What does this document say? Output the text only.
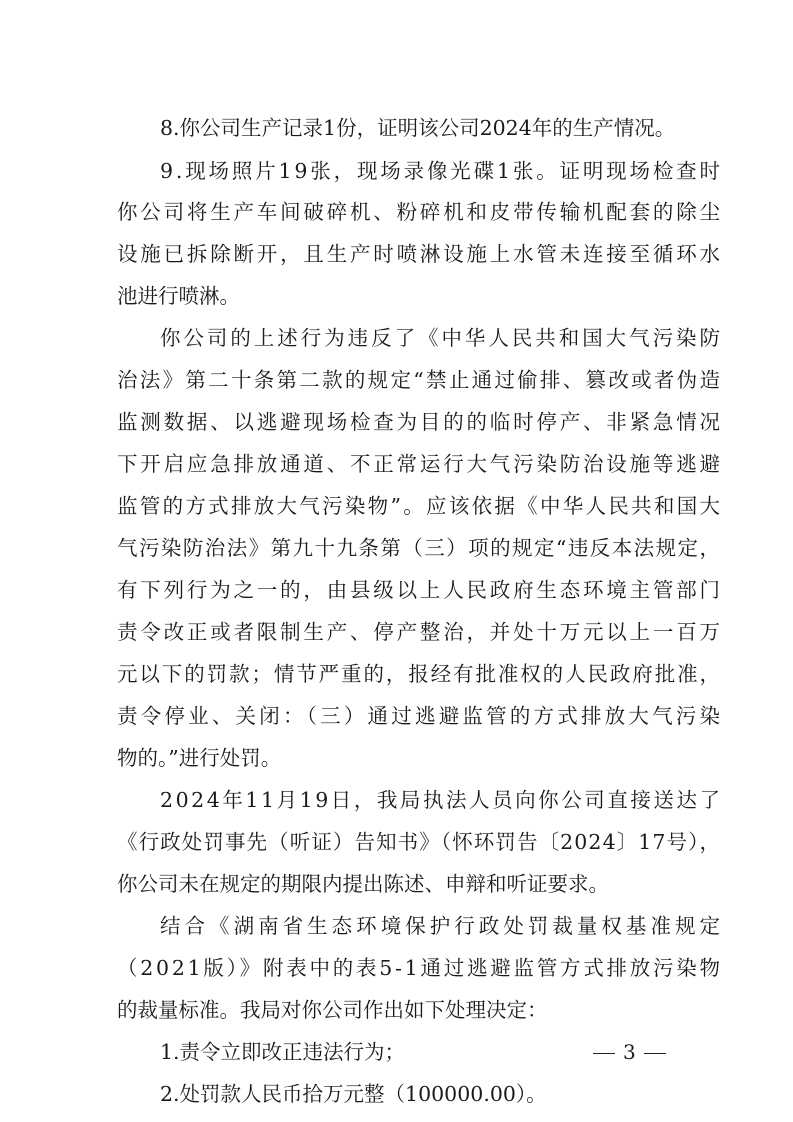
8.你公司生产记录1份，证明该公司2024年的生产情况。
9.现场照片19张，现场录像光碟1张。证明现场检查时
你公司将生产车间破碎机、粉碎机和皮带传输机配套的除尘
设施已拆除断开，且生产时喷淋设施上水管未连接至循环水
池进行喷淋。
你公司的上述行为违反了《中华人民共和国大气污染防
治法》第二十条第二款的规定“禁止通过偷排、篡改或者伪造
监测数据、以逃避现场检查为目的的临时停产、非紧急情况
下开启应急排放通道、不正常运行大气污染防治设施等逃避
监管的方式排放大气污染物”。应该依据《中华人民共和国大
气污染防治法》第九十九条第（三）项的规定“违反本法规定，
有下列行为之一的，由县级以上人民政府生态环境主管部门
责令改正或者限制生产、停产整治，并处十万元以上一百万
元以下的罚款；情节严重的，报经有批准权的人民政府批准，
责令停业、关闭：（三）通过逃避监管的方式排放大气污染
物的。”进行处罚。
2024年11月19日，我局执法人员向你公司直接送达了
《行政处罚事先（听证）告知书》（怀环罚告〔2024〕17号），
你公司未在规定的期限内提出陈述、申辩和听证要求。
结合《湖南省生态环境保护行政处罚裁量权基准规定
（2021版）》附表中的表5-1通过逃避监管方式排放污染物
的裁量标准。我局对你公司作出如下处理决定：
1.责令立即改正违法行为；
2.处罚款人民币拾万元整（100000.00）。
3
